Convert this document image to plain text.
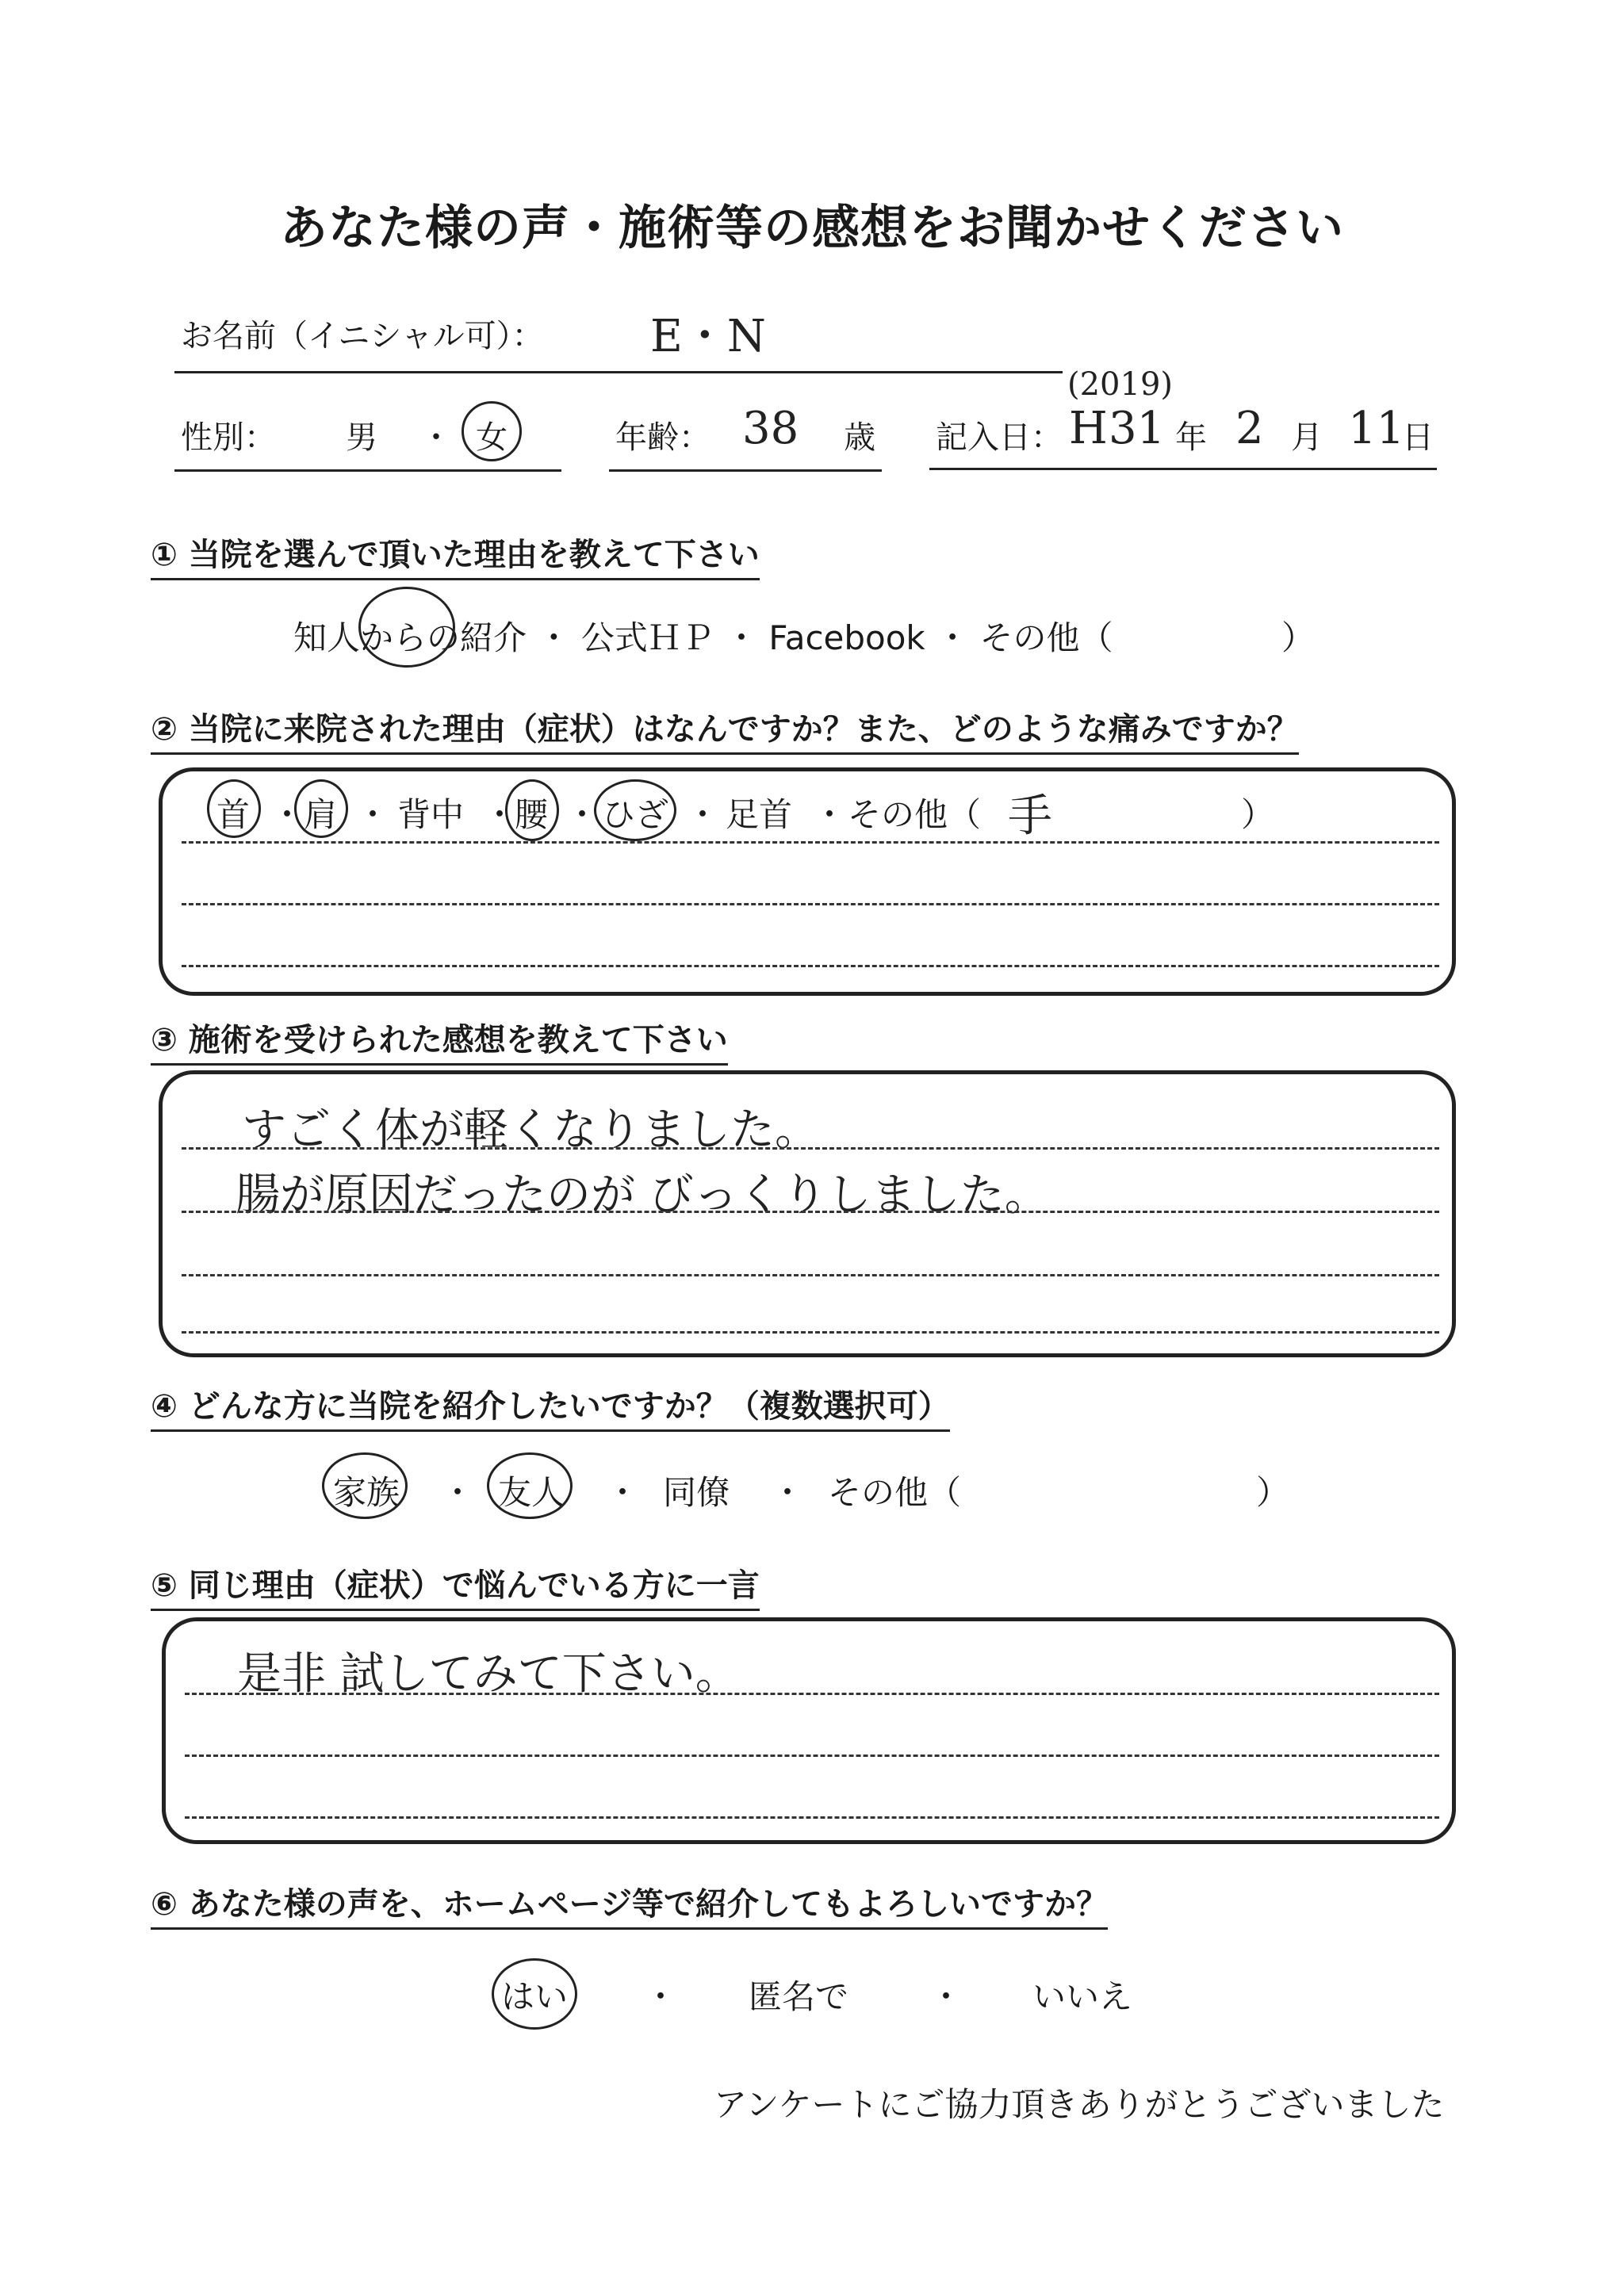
あなた様の声・施術等の感想をお聞かせください
お名前（イニシャル可）： E・N
性別： 男 ・ 女	年齢： 38 歳 記入日：
(2019)
H 31 年 2 月 11
日
① 当院を選んで頂いた理由を教えて下さい
知人からの紹介 ・ 公式ＨＰ ・ Facebook ・ その他（	）
② 当院に来院された理由（症状）はなんですか？また、どのような痛みですか？
首 ・ 肩 ・ 背中 ・
腰 ・ ひざ ・ 足首 ・ その他（ 手	）
③ 施術を受けられた感想を教えて下さい
すごく体が軽くなりました。
腸が原因だったのが びっくりしました。
④ どんな方に当院を紹介したいですか？（複数選択可）
家族 ・ 友人 ・ 同僚 ・ その他（	）
⑤ 同じ理由（症状）で悩んでいる方に一言
是非 試してみて下さい。
⑥ あなた様の声を、ホームページ等で紹介してもよろしいですか？
はい ・ 匿名で ・ いいえ
アンケートにご協力頂きありがとうございました
